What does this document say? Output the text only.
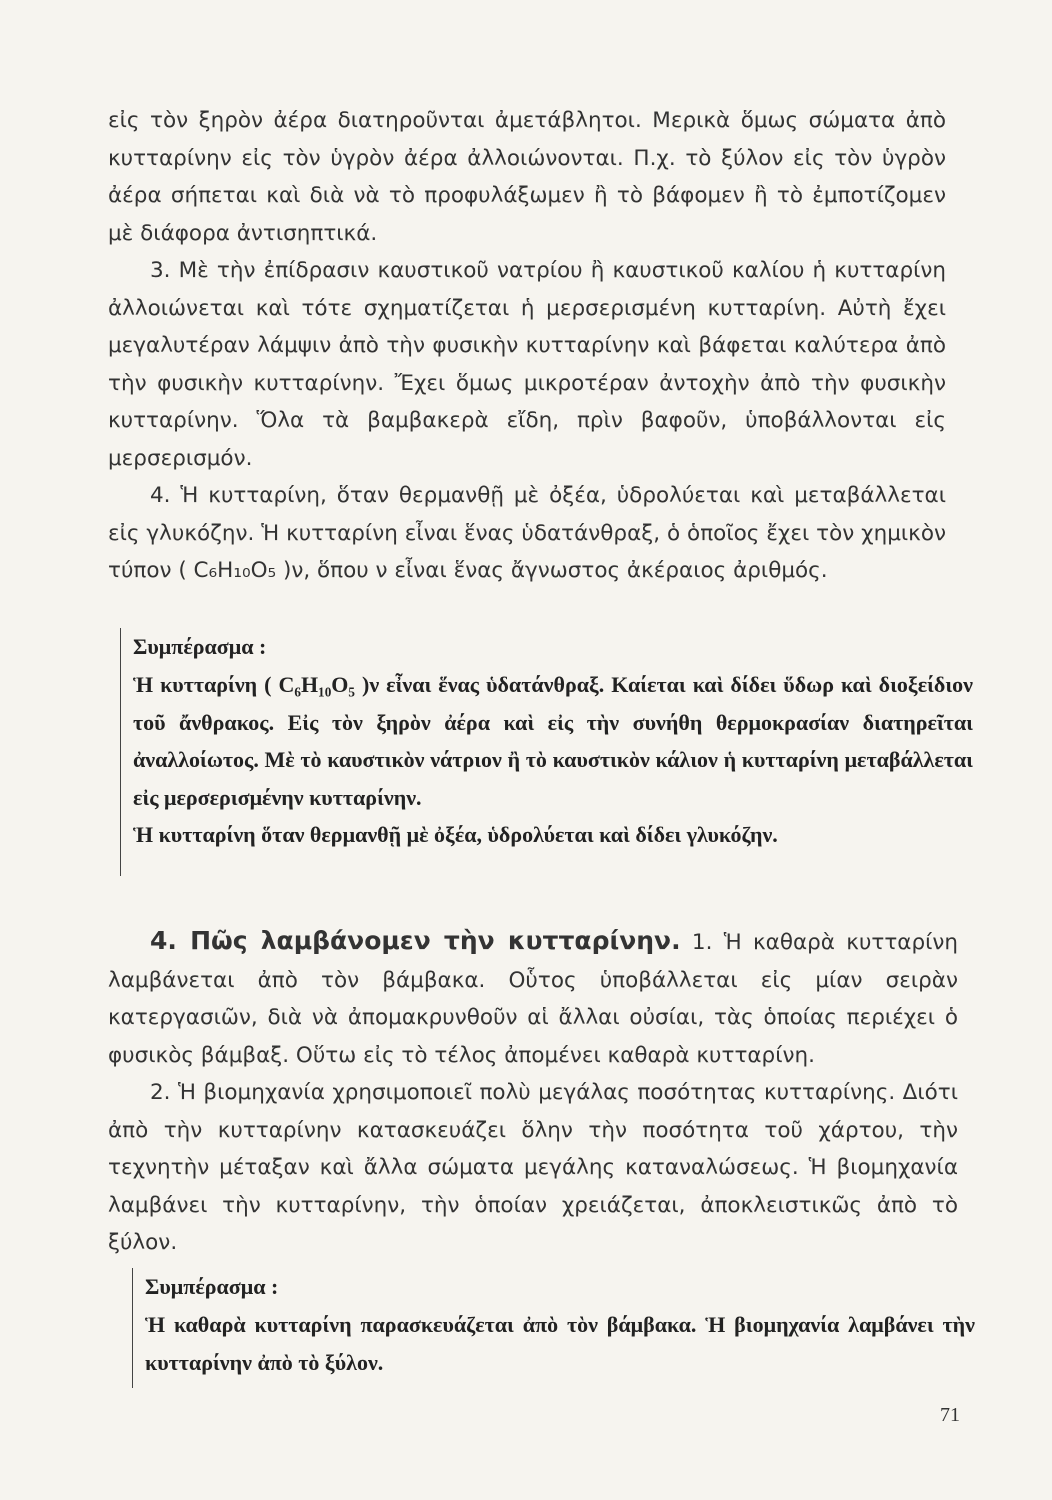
εἰς τὸν ξηρὸν ἀέρα διατηροῦνται ἀμετάβλητοι. Μερικὰ ὅμως σώματα ἀπὸ κυτταρίνην εἰς τὸν ὑγρὸν ἀέρα ἀλλοιώνονται. Π.χ. τὸ ξύλον εἰς τὸν ὑγρὸν ἀέρα σήπεται καὶ διὰ νὰ τὸ προφυλάξωμεν ἢ τὸ βάφομεν ἢ τὸ ἐμποτίζομεν μὲ διάφορα ἀντισηπτικά.

3. Μὲ τὴν ἐπίδρασιν καυστικοῦ νατρίου ἢ καυστικοῦ καλίου ἡ κυτταρίνη ἀλλοιώνεται καὶ τότε σχηματίζεται ἡ μερσερισμένη κυτταρίνη. Αὐτὴ ἔχει μεγαλυτέραν λάμψιν ἀπὸ τὴν φυσικὴν κυτταρίνην καὶ βάφεται καλύτερα ἀπὸ τὴν φυσικὴν κυτταρίνην. Ἔχει ὅμως μικροτέραν ἀντοχὴν ἀπὸ τὴν φυσικὴν κυτταρίνην. Ὅλα τὰ βαμβακερὰ εἴδη, πρὶν βαφοῦν, ὑποβάλλονται εἰς μερσερισμόν.

4. Ἡ κυτταρίνη, ὅταν θερμανθῇ μὲ ὀξέα, ὑδρολύεται καὶ μεταβάλλεται εἰς γλυκόζην. Ἡ κυτταρίνη εἶναι ἕνας ὑδατάνθραξ, ὁ ὁποῖος ἔχει τὸν χημικὸν τύπον ( C₆H₁₀O₅ )ν, ὅπου ν εἶναι ἕνας ἄγνωστος ἀκέραιος ἀριθμός.

Συμπέρασμα :

Ἡ κυτταρίνη ( C₆H₁₀O₅ )ν εἶναι ἕνας ὑδατάνθραξ. Καίεται καὶ δίδει ὕδωρ καὶ διοξείδιον τοῦ ἄνθρακος. Εἰς τὸν ξηρὸν ἀέρα καὶ εἰς τὴν συνήθη θερμοκρασίαν διατηρεῖται ἀναλλοίωτος. Μὲ τὸ καυστικὸν νάτριον ἢ τὸ καυστικὸν κάλιον ἡ κυτταρίνη μεταβάλλεται εἰς μερσερισμένην κυτταρίνην.

Ἡ κυτταρίνη ὅταν θερμανθῇ μὲ ὀξέα, ὑδρολύεται καὶ δίδει γλυκόζην.

4. Πῶς λαμβάνομεν τὴν κυτταρίνην. 1. Ἡ καθαρὰ κυτταρίνη λαμβάνεται ἀπὸ τὸν βάμβακα. Οὗτος ὑποβάλλεται εἰς μίαν σειρὰν κατεργασιῶν, διὰ νὰ ἀπομακρυνθοῦν αἱ ἄλλαι οὐσίαι, τὰς ὁποίας περιέχει ὁ φυσικὸς βάμβαξ. Οὕτω εἰς τὸ τέλος ἀπομένει καθαρὰ κυτταρίνη.

2. Ἡ βιομηχανία χρησιμοποιεῖ πολὺ μεγάλας ποσότητας κυτταρίνης. Διότι ἀπὸ τὴν κυτταρίνην κατασκευάζει ὅλην τὴν ποσότητα τοῦ χάρτου, τὴν τεχνητὴν μέταξαν καὶ ἄλλα σώματα μεγάλης καταναλώσεως. Ἡ βιομηχανία λαμβάνει τὴν κυτταρίνην, τὴν ὁποίαν χρειάζεται, ἀποκλειστικῶς ἀπὸ τὸ ξύλον.

Συμπέρασμα :

Ἡ καθαρὰ κυτταρίνη παρασκευάζεται ἀπὸ τὸν βάμβακα. Ἡ βιομηχανία λαμβάνει τὴν κυτταρίνην ἀπὸ τὸ ξύλον.

71
